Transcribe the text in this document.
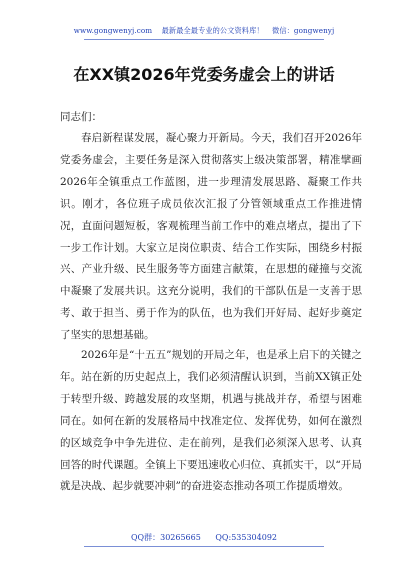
www.gongwenyj.com 最新最全最专业的公文资料库！ 微信：gongwenyj
在XX镇2026年党委务虚会上的讲话
同志们：

春启新程谋发展，凝心聚力开新局。今天，我们召开2026年党委务虚会，主要任务是深入贯彻落实上级决策部署，精准擘画2026年全镇重点工作蓝图，进一步理清发展思路、凝聚工作共识。刚才，各位班子成员依次汇报了分管领域重点工作推进情况，直面问题短板，客观梳理当前工作中的难点堵点，提出了下一步工作计划。大家立足岗位职责、结合工作实际，围绕乡村振兴、产业升级、民生服务等方面建言献策，在思想的碰撞与交流中凝聚了发展共识。这充分说明，我们的干部队伍是一支善于思考、敢于担当、勇于作为的队伍，也为我们开好局、起好步奠定了坚实的思想基础。

2026年是“十五五”规划的开局之年，也是承上启下的关键之年。站在新的历史起点上，我们必须清醒认识到，当前XX镇正处于转型升级、跨越发展的攻坚期，机遇与挑战并存，希望与困难同在。如何在新的发展格局中找准定位、发挥优势，如何在激烈的区域竞争中争先进位、走在前列，是我们必须深入思考、认真回答的时代课题。全镇上下要迅速收心归位、真抓实干，以“开局就是决战、起步就要冲刺”的奋进姿态推动各项工作提质增效。

QQ群：30265665 QQ:535304092
